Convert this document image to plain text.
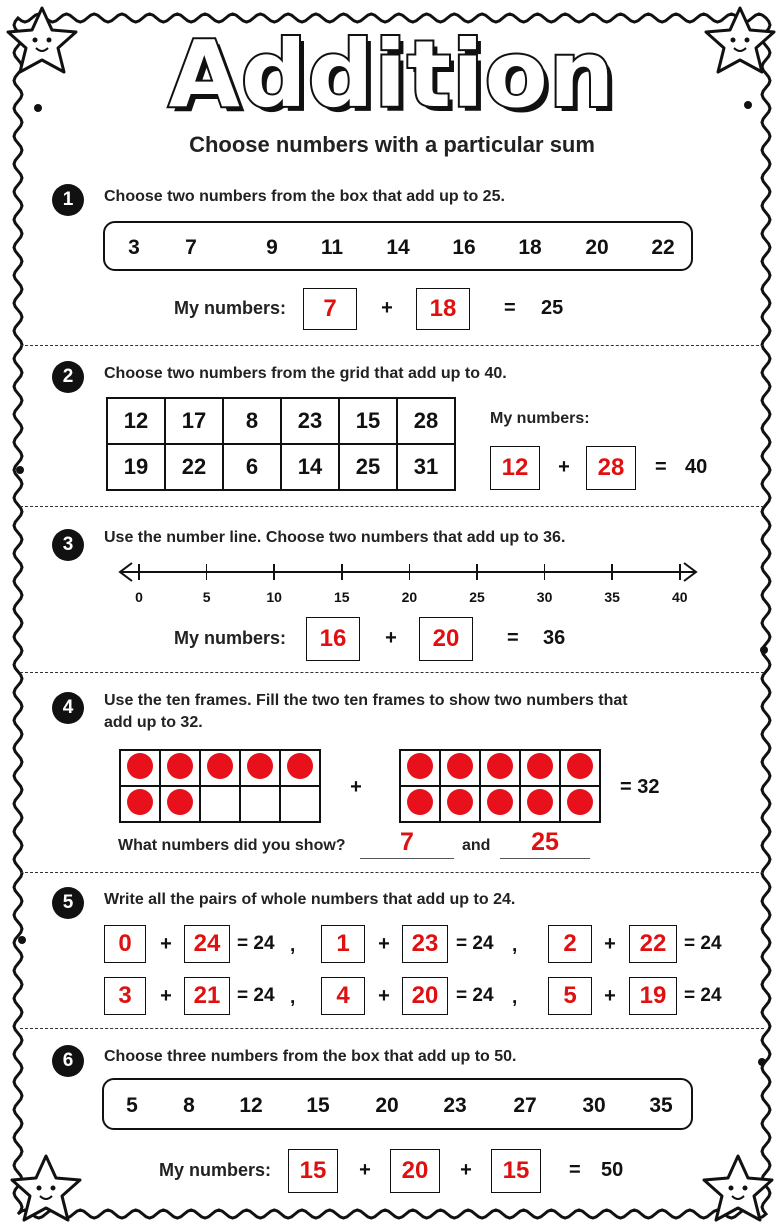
Addition
Choose numbers with a particular sum
1	Choose two numbers from the box that add up to 25.
3	7	9	11	14	16	18	20	22
My numbers:	7	+	18	= 25
2	Choose two numbers from the grid that add up to 40.
12	17	8	23	15	28
19	22	6	14	25	31
My numbers:
12	+	28	= 40
3	Use the number line. Choose two numbers that add up to 36.
0	5	10	15	20	25	30	35	40
My numbers:	16	+	20	= 36
4	Use the ten frames. Fill the two ten frames to show two numbers that
add up to 32.

+

					= 32
What numbers did you show?	7	and	25
5	Write all the pairs of whole numbers that add up to 24.
0	+ 24 = 24 ,	1	+ 23 = 24 ,	2	+ 22 = 24
3	+ 21 = 24 ,	4	+ 20 = 24 ,	5	+ 19 = 24
6	Choose three numbers from the box that add up to 50.
5	8	12	15	20	23	27	30	35
My numbers:	15	+	20	+	15	= 50
